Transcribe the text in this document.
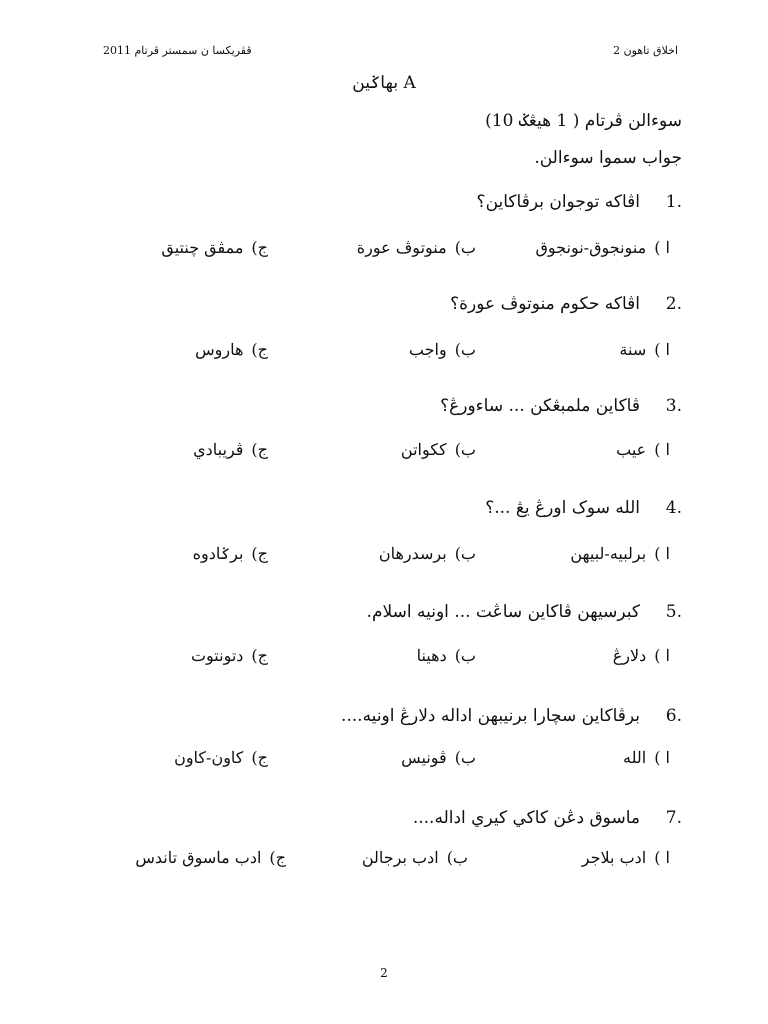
ڤڤريکسا ن سمستر ڤرتام 2011	اخلاق تاهون 2
بهاݢين A
سوءالن ڤرتام ( 1 هيڠݢ 10)
جواب سموا سوءالن.
1.اڤاکه توجوان برڤاکاين؟
ا )منونجوق-نونجوق
ب)منوتوڤ عورة
ج)ممڤق چنتيق
2.اڤاکه حکوم منوتوڤ عورة؟
ا )سنة
ب)واجب
ج)هاروس
3.ڤاکاين ملمبڠکن ... ساءورڠ؟
ا )عيب
ب)ککواتن
ج)ڤريبادي
4.الله سوک اورڠ يڠ ...؟
ا )برلبيه-لبيهن
ب)برسدرهان
ج)برݢادوه
5.کبرسيهن ڤاکاين ساڠت ... اونيه اسلام.
ا )دلارڠ
ب)دهينا
ج)دتونتوت
6.برڤاکاين سچارا برنيبهن اداله دلارڠ اونيه....
ا )الله
ب)ڤونيس
ج)کاون-کاون
7.ماسوق دڠن کاکي کيري اداله....
ا )ادب بلاجر
ب)ادب برجالن
ج)ادب ماسوق تاندس
2
